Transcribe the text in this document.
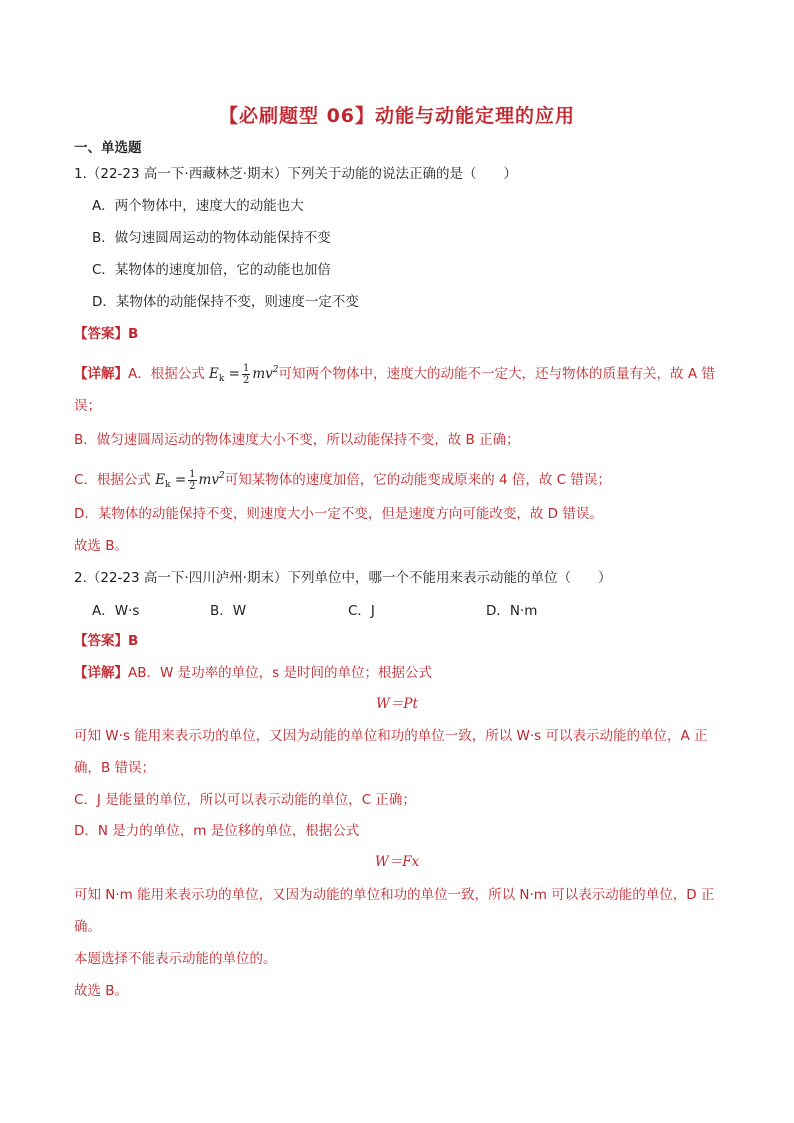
【必刷题型 06】动能与动能定理的应用
一、单选题
1.（22-23 高一下·西藏林芝·期末）下列关于动能的说法正确的是（　　）
A．两个物体中，速度大的动能也大
B．做匀速圆周运动的物体动能保持不变
C．某物体的速度加倍，它的动能也加倍
D．某物体的动能保持不变，则速度一定不变
【答案】B
【详解】A．根据公式 $E_k = \frac{1}{2} mv^2$可知两个物体中，速度大的动能不一定大，还与物体的质量有关，故 A 错
误；
B．做匀速圆周运动的物体速度大小不变，所以动能保持不变，故 B 正确；
C．根据公式 $E_k = \frac{1}{2} mv^2$可知某物体的速度加倍，它的动能变成原来的 4 倍，故 C 错误；
D．某物体的动能保持不变，则速度大小一定不变，但是速度方向可能改变，故 D 错误。
故选 B。
2.（22-23 高一下·四川泸州·期末）下列单位中，哪一个不能用来表示动能的单位（　　）
A．W·s	B．W	C．J	D．N·m
【答案】B
【详解】AB．W 是功率的单位，s 是时间的单位；根据公式
W＝Pt
可知 W·s 能用来表示功的单位，又因为动能的单位和功的单位一致，所以 W·s 可以表示动能的单位，A 正
确，B 错误；
C．J 是能量的单位，所以可以表示动能的单位，C 正确；
D．N 是力的单位，m 是位移的单位，根据公式
W＝Fx
可知 N·m 能用来表示功的单位，又因为动能的单位和功的单位一致，所以 N·m 可以表示动能的单位，D 正
确。
本题选择不能表示动能的单位的。
故选 B。
